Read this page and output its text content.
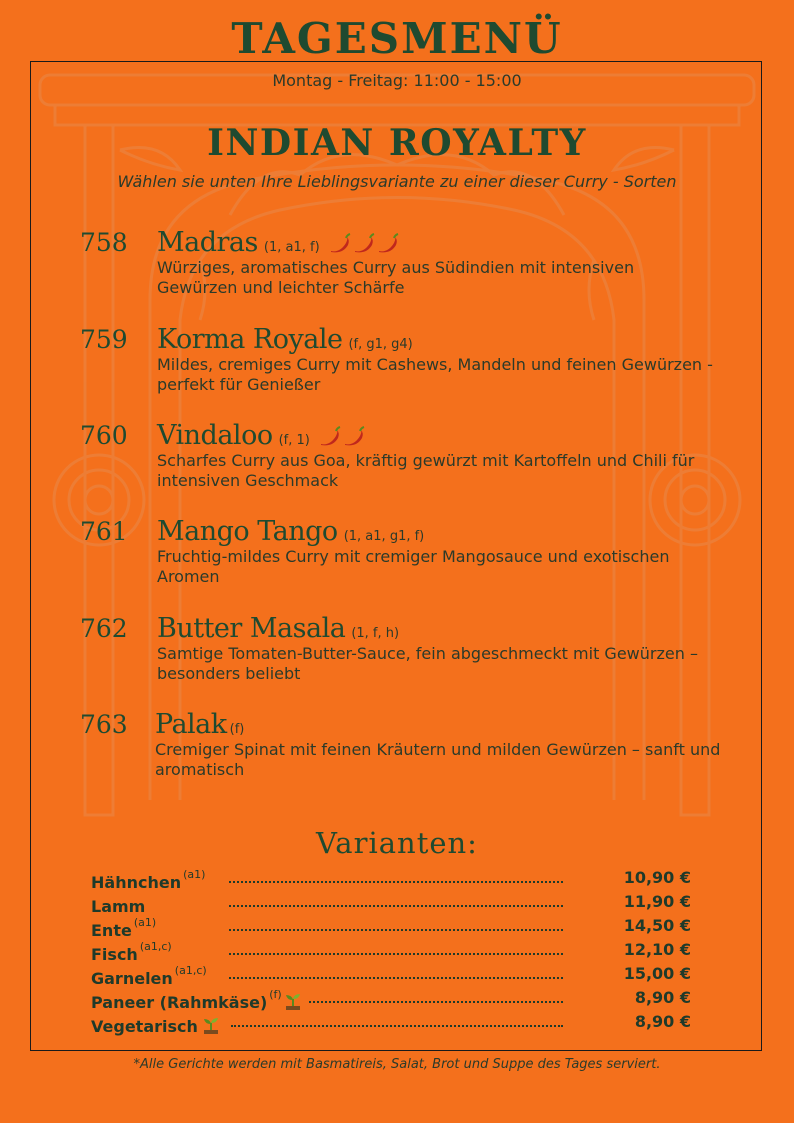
TAGESMENÜ
Montag - Freitag: 11:00 - 15:00
INDIAN ROYALTY
Wählen sie unten Ihre Lieblingsvariante zu einer dieser Curry - Sorten
758 Madras (1, a1, f)
Würziges, aromatisches Curry aus Südindien mit intensiven Gewürzen und leichter Schärfe
759 Korma Royale (f, g1, g4)
Mildes, cremiges Curry mit Cashews, Mandeln und feinen Gewürzen - perfekt für Genießer
760 Vindaloo (f, 1)
Scharfes Curry aus Goa, kräftig gewürzt mit Kartoffeln und Chili für intensiven Geschmack
761 Mango Tango (1, a1, g1, f)
Fruchtig-mildes Curry mit cremiger Mangosauce und exotischen Aromen
762 Butter Masala (1, f, h)
Samtige Tomaten-Butter-Sauce, fein abgeschmeckt mit Gewürzen – besonders beliebt
763 Palak (f)
Cremiger Spinat mit feinen Kräutern und milden Gewürzen – sanft und aromatisch
Varianten:
Hähnchen $^{(a1)}$	10,90 €
Lamm	11,90 €
Ente $^{(a1)}$	14,50 €
Fisch $^{(a1,c)}$	12,10 €
Garnelen $^{(a1,c)}$	15,00 €
Paneer (Rahmkäse) $^{(f)}$	8,90 €
Vegetarisch	8,90 €
*Alle Gerichte werden mit Basmatireis, Salat, Brot und Suppe des Tages serviert.
